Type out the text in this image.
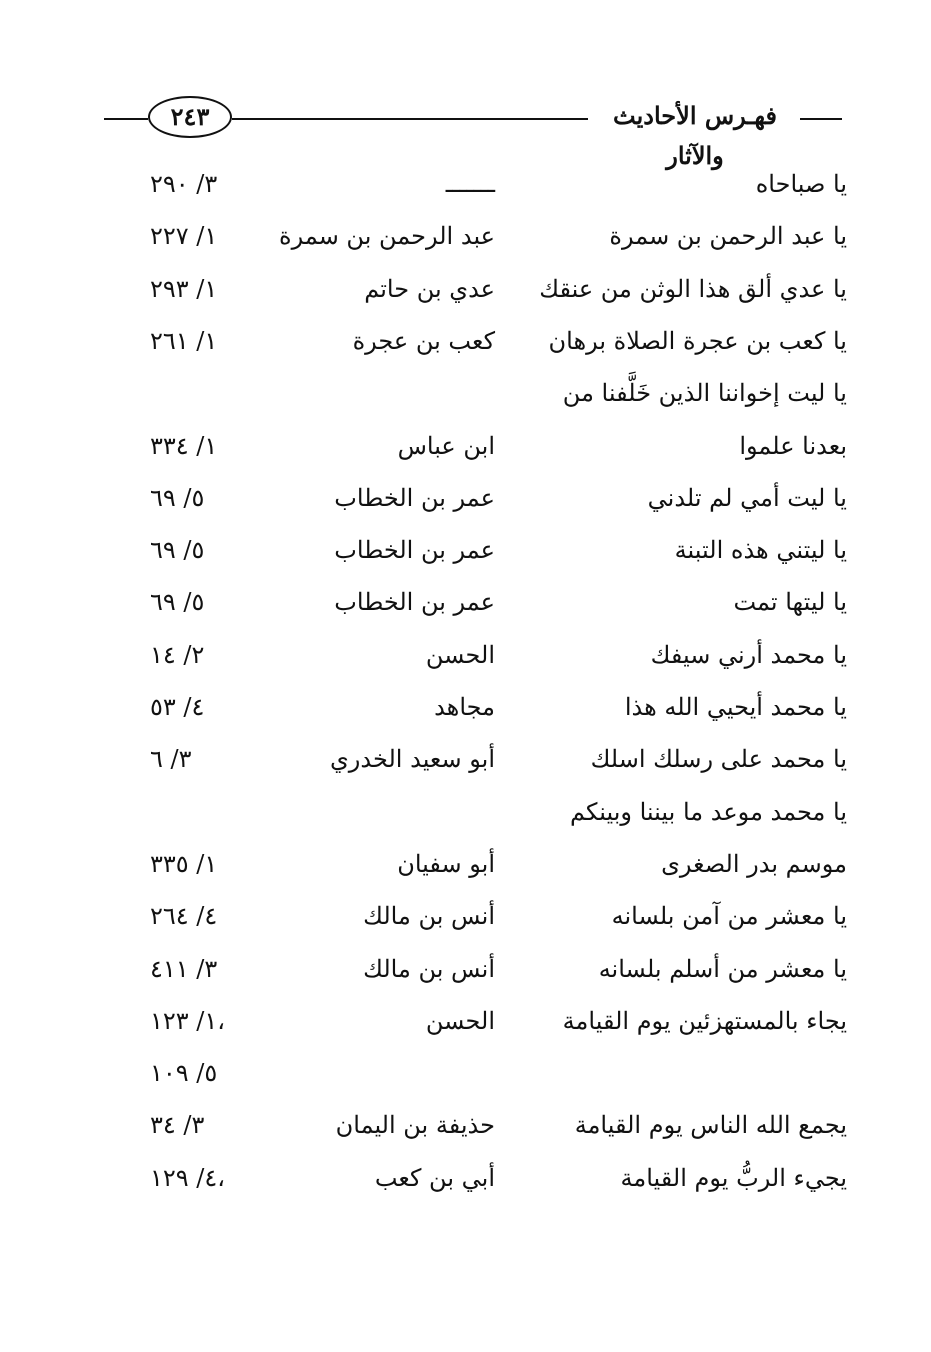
٢٤٣	فهـرس الأحاديث والآثار
يا صباحاه
ـــــــ
٣/ ٢٩٠
يا عبد الرحمن بن سمرة
عبد الرحمن بن سمرة
١/ ٢٢٧
يا عدي ألق هذا الوثن من عنقك
عدي بن حاتم
١/ ٢٩٣
يا كعب بن عجرة الصلاة برهان
كعب بن عجرة
١/ ٢٦١
يا ليت إخواننا الذين خَلَّفنا من
بعدنا علموا
ابن عباس
١/ ٣٣٤
يا ليت أمي لم تلدني
عمر بن الخطاب
٥/ ٦٩
يا ليتني هذه التبنة
عمر بن الخطاب
٥/ ٦٩
يا ليتها تمت
عمر بن الخطاب
٥/ ٦٩
يا محمد أرني سيفك
الحسن
٢/ ١٤
يا محمد أيحيي الله هذا
مجاهد
٤/ ٥٣
يا محمد على رسلك اسلك
أبو سعيد الخدري
٣/ ٦
يا محمد موعد ما بيننا وبينكم
موسم بدر الصغرى
أبو سفيان
١/ ٣٣٥
يا معشر من آمن بلسانه
أنس بن مالك
٤/ ٢٦٤
يا معشر من أسلم بلسانه
أنس بن مالك
٣/ ٤١١
يجاء بالمستهزئين يوم القيامة
الحسن
١/ ١٢٣،
٥/ ١٠٩
يجمع الله الناس يوم القيامة
حذيفة بن اليمان
٣/ ٣٤
يجيء الربُّ يوم القيامة
أبي بن كعب
٤/ ١٢٩،
